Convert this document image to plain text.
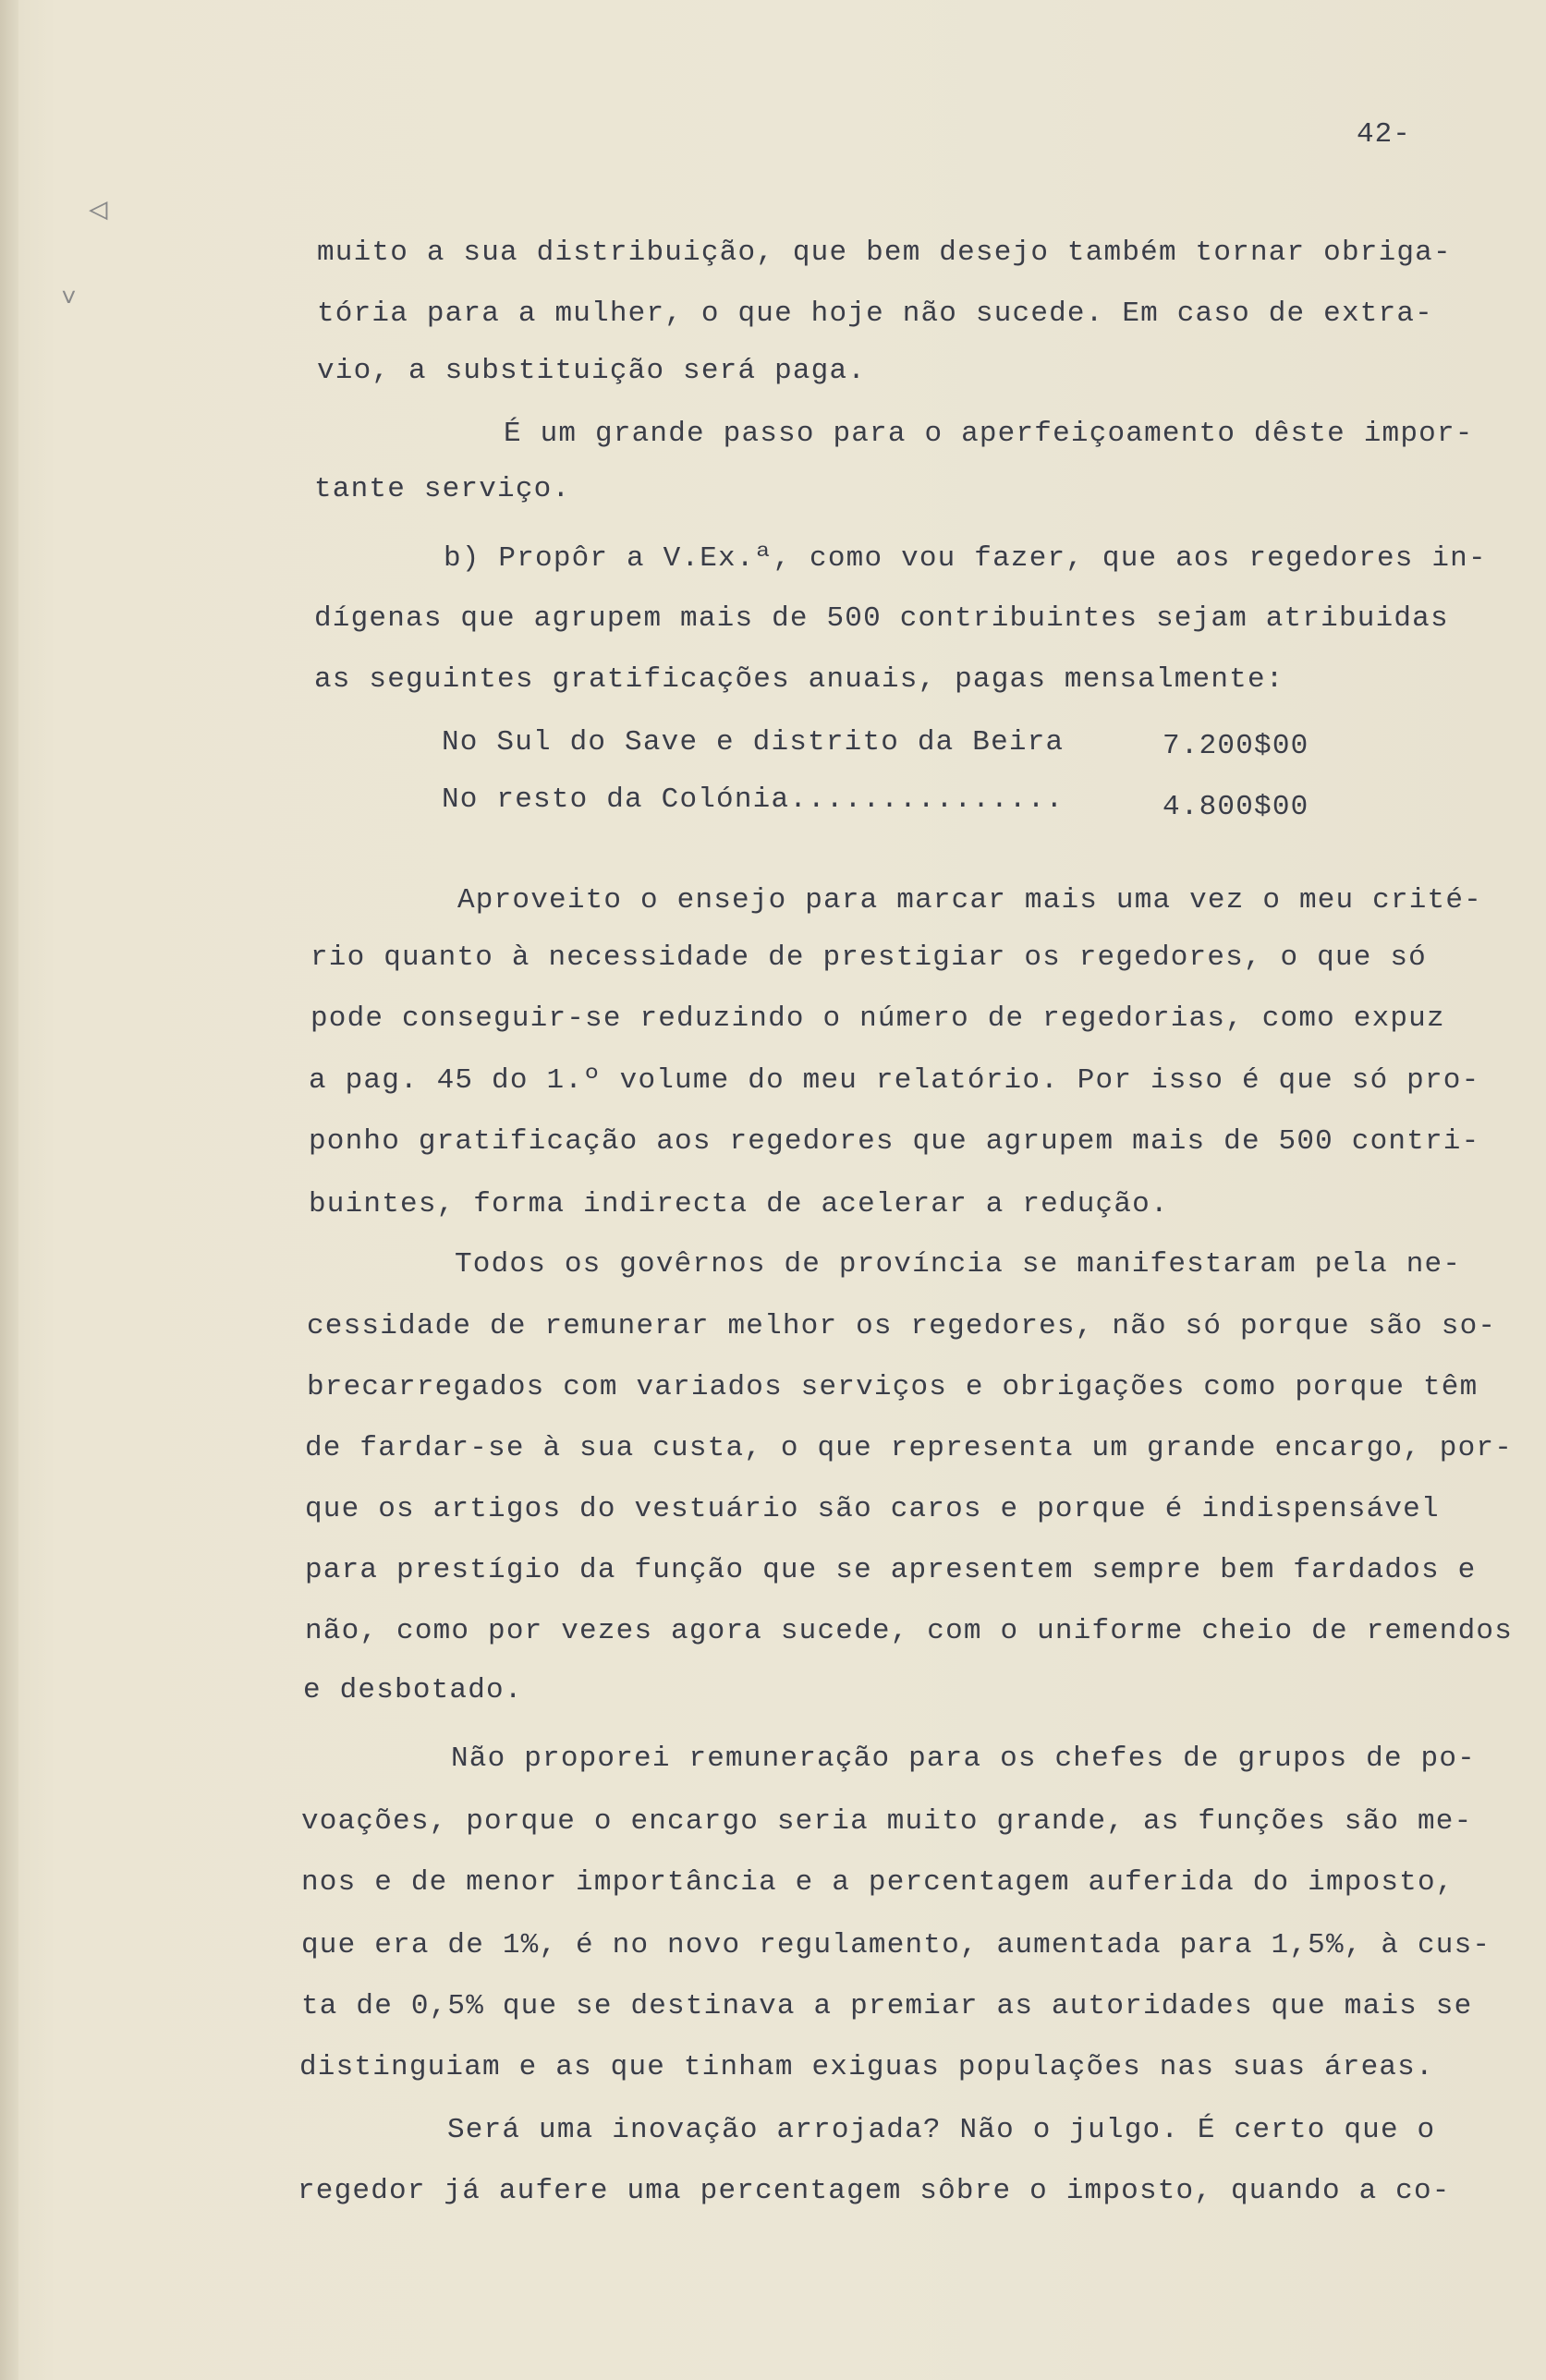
◁
˅
42-
muito a sua distribuição, que bem desejo também tornar obriga-
tória para a mulher, o que hoje não sucede. Em caso de extra-
vio, a substituição será paga.
É um grande passo para o aperfeiçoamento dêste impor-
tante serviço.
b) Propôr a V.Ex.ª, como vou fazer, que aos regedores in-
dígenas que agrupem mais de 500 contribuintes sejam atribuidas
as seguintes gratificações anuais, pagas mensalmente:
No Sul do Save e distrito da Beira	7.200$00
No resto da Colónia...............	4.800$00
Aproveito o ensejo para marcar mais uma vez o meu crité-
rio quanto à necessidade de prestigiar os regedores, o que só
pode conseguir-se reduzindo o número de regedorias, como expuz
a pag. 45 do 1.º volume do meu relatório. Por isso é que só pro-
ponho gratificação aos regedores que agrupem mais de 500 contri-
buintes, forma indirecta de acelerar a redução.
Todos os govêrnos de província se manifestaram pela ne-
cessidade de remunerar melhor os regedores, não só porque são so-
brecarregados com variados serviços e obrigações como porque têm
de fardar-se à sua custa, o que representa um grande encargo, por-
que os artigos do vestuário são caros e porque é indispensável
para prestígio da função que se apresentem sempre bem fardados e
não, como por vezes agora sucede, com o uniforme cheio de remendos
e desbotado.
Não proporei remuneração para os chefes de grupos de po-
voações, porque o encargo seria muito grande, as funções são me-
nos e de menor importância e a percentagem auferida do imposto,
que era de 1%, é no novo regulamento, aumentada para 1,5%, à cus-
ta de 0,5% que se destinava a premiar as autoridades que mais se
distinguiam e as que tinham exiguas populações nas suas áreas.
Será uma inovação arrojada? Não o julgo. É certo que o
regedor já aufere uma percentagem sôbre o imposto, quando a co-
